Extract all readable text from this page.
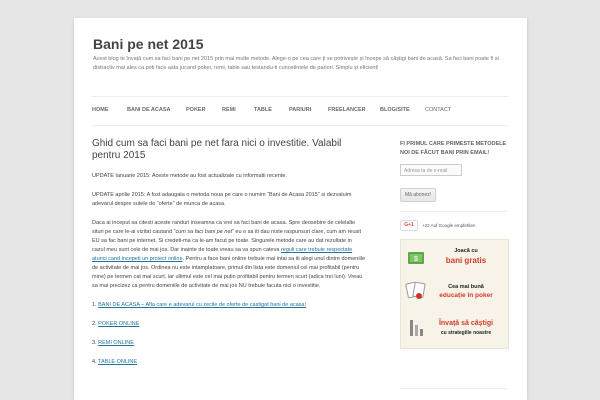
Bani pe net 2015

Acest blog te învață cum sa faci bani pe net 2015 prin mai multe metode. Alege-o pe cea care ți se potrivește și începe să câștigi bani de acasă. Sa faci bani poate fi si distractiv mai ales ca poti face asta jucand poker, remi, table sau testandu-ti cunostintele de pariori. Simplu și eficient!

HOME	BANI DE ACASA	POKER	REMI	TABLE	PARIURI	FREELANCER	BLOG/SITE	CONTACT
Ghid cum sa faci bani pe net fara nici o investitie. Valabil pentru 2015

UPDATE Ianuarie 2015: Aceste metode au fost actualizate cu informatii recente.

UPDATE aprilie 2015: A fost adaugata o metoda noua pe care o numim “Bani de Acasa 2015” si dezvaluim adevarul despre sutele de “oferte” de munca de acasa.

Daca ai inceput sa citesti aceste randuri inseamna ca vrei sa faci bani de acasa. Spre deosebire de celelalte situri pe care le-ai vizitat cautand “cum sa faci bani pe net” eu o sa iti dau niste raspunsuri clare, cum am reusit EU sa fac bani pe internet. Si credeti-ma ca le-am facut pe toate. Singurele metode care au dat rezultate in cazul meu sunt cele de mai jos. Dar inainte de toate vreau sa va spun cateva reguli care trebuie respectate atunci cand incepeti un proiect online. Pentru a face bani online trebuie mai intai sa iti alegi unul dintre domeniile de activitate de mai jos. Ordinea nu este intamplatoare, primul din lista este domeniul cel mai profitabil (pentru mine) pe termen cat mai scurt, iar ultimul este cel mai putin profitabil pentru termen scurt (adica trei luni). Vreau sa mai precizez ca pentru domeniile de activitate de mai jos NU trebuie facuta nici o investitie.

1. BANI DE ACASA – Afla care e adevarul cu zecile de oferte de castigat bani de acasa!

2. POKER ONLINE

3. REMI ONLINE

4. TABLE ONLINE

FI PRIMUL CARE PRIMESTE METODELE NOI DE FĂCUT BANI PRIN EMAIL!
Adresa ta de e-mail
Mă abonez!
G+1	+22 Auf Google empfehlen
$
Joacă cu
bani gratis
Cea mai bună
educație în poker
Învață să câștigi
cu strategiile noastre
